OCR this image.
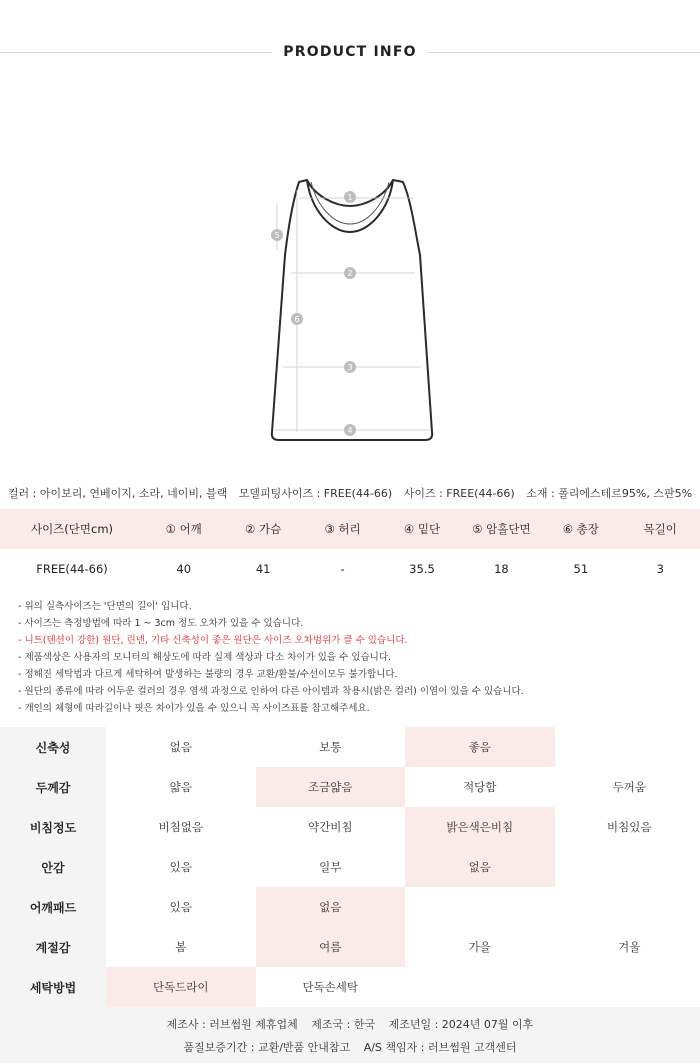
PRODUCT INFO
1
2
3
4
5
6
컬러 : 아이보리, 연베이지, 소라, 네이비, 블랙 모델피팅사이즈 : FREE(44-66) 사이즈 : FREE(44-66) 소재 : 폴리에스테르95%, 스판5%
사이즈(단면cm)	① 어깨	② 가슴	③ 허리	④ 밑단	⑤ 암홀단면	⑥ 총장	목길이
FREE(44-66)	40	41	-	35.5	18	51	3
- 위의 실측사이즈는 '단면의 길이' 입니다.
- 사이즈는 측정방법에 따라 1 ~ 3cm 정도 오차가 있을 수 있습니다.
- 니트(텐션이 강한) 원단, 린넨, 기타 신축성이 좋은 원단은 사이즈 오차범위가 클 수 있습니다.
- 제품색상은 사용자의 모니터의 해상도에 따라 실제 색상과 다소 차이가 있을 수 있습니다.
- 정해진 세탁법과 다르게 세탁하여 발생하는 불량의 경우 교환/환불/수선이모두 불가합니다.
- 원단의 종류에 따라 어두운 컬러의 경우 염색 과정으로 인하여 다른 아이템과 착용시(밝은 컬러) 이염이 있을 수 있습니다.
- 개인의 체형에 따라길이나 핏은 차이가 있을 수 있으니 꼭 사이즈표를 참고해주세요.
신축성	없음	보통	좋음
두께감	얇음	조금얇음	적당함	두꺼움
비침정도	비침없음	약간비침	밝은색은비침	비침있음
안감	있음	일부	없음
어깨패드	있음	없음
계절감	봄	여름	가을	겨울
세탁방법	단독드라이	단독손세탁
제조사 : 러브썸원 제휴업체 제조국 : 한국 제조년일 : 2024년 07월 이후
품질보증기간 : 교환/반품 안내참고 A/S 책임자 : 러브썸원 고객센터
